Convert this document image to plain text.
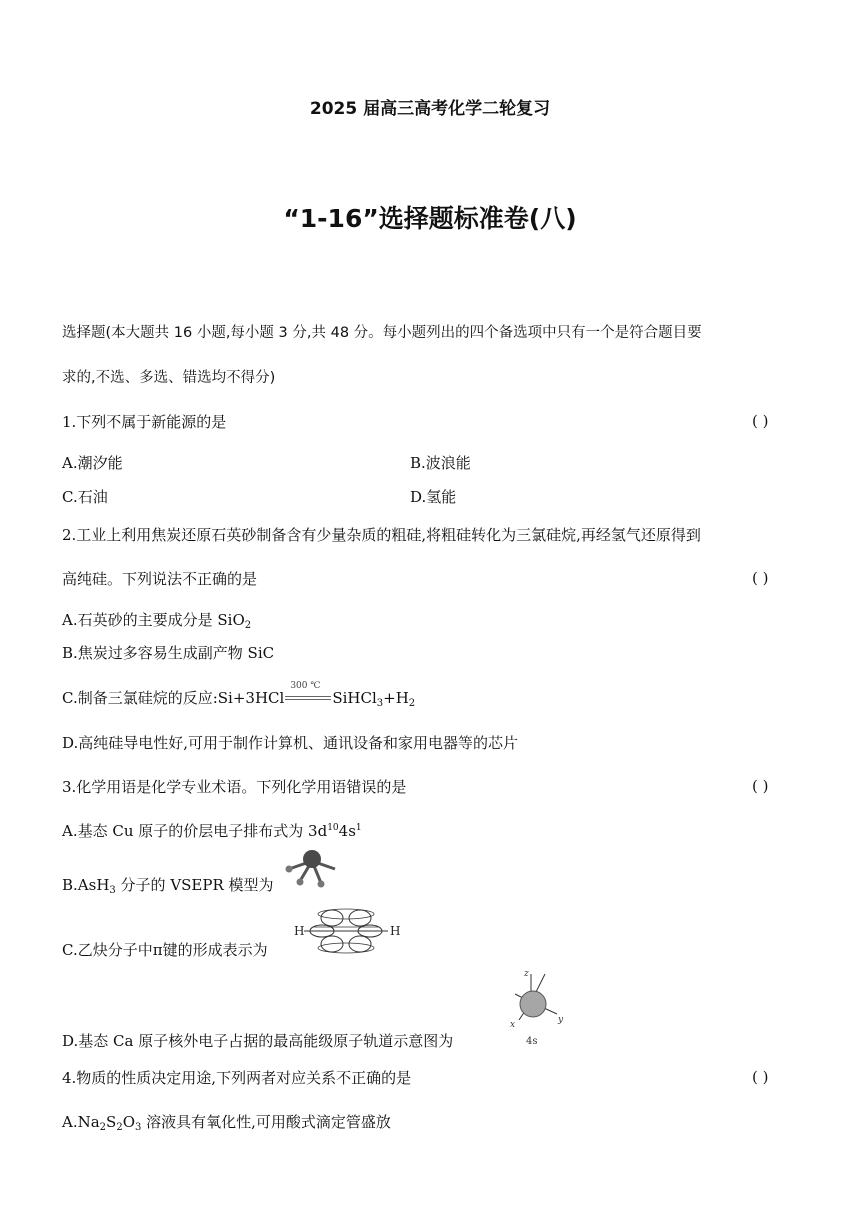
2025 届高三高考化学二轮复习
“1-16”选择题标准卷(八)
选择题(本大题共 16 小题,每小题 3 分,共 48 分。每小题列出的四个备选项中只有一个是符合题目要
求的,不选、多选、错选均不得分)
1.下列不属于新能源的是	( )
A.潮汐能	B.波浪能
C.石油	D.氢能
2.工业上利用焦炭还原石英砂制备含有少量杂质的粗硅,将粗硅转化为三氯硅烷,再经氢气还原得到
高纯硅。下列说法不正确的是	( )
A.石英砂的主要成分是 SiO$_2$
B.焦炭过多容易生成副产物 SiC
C.制备三氯硅烷的反应:Si+3HCl
300 ℃
$SiHCl_3+H_2$
D.高纯硅导电性好,可用于制作计算机、通讯设备和家用电器等的芯片
3.化学用语是化学专业术语。下列化学用语错误的是	( )
A.基态 Cu 原子的价层电子排布式为 $3d^{10}4s^1$
B.AsH$_3$ 分子的 VSEPR 模型为
C.乙炔分子中π键的形成表示为
H	H
D.基态 Ca 原子核外电子占据的最高能级原子轨道示意图为
z
x	y
4s
4.物质的性质决定用途,下列两者对应关系不正确的是	( )
$A.Na_2S_2O_3$ 溶液具有氧化性,可用酸式滴定管盛放
